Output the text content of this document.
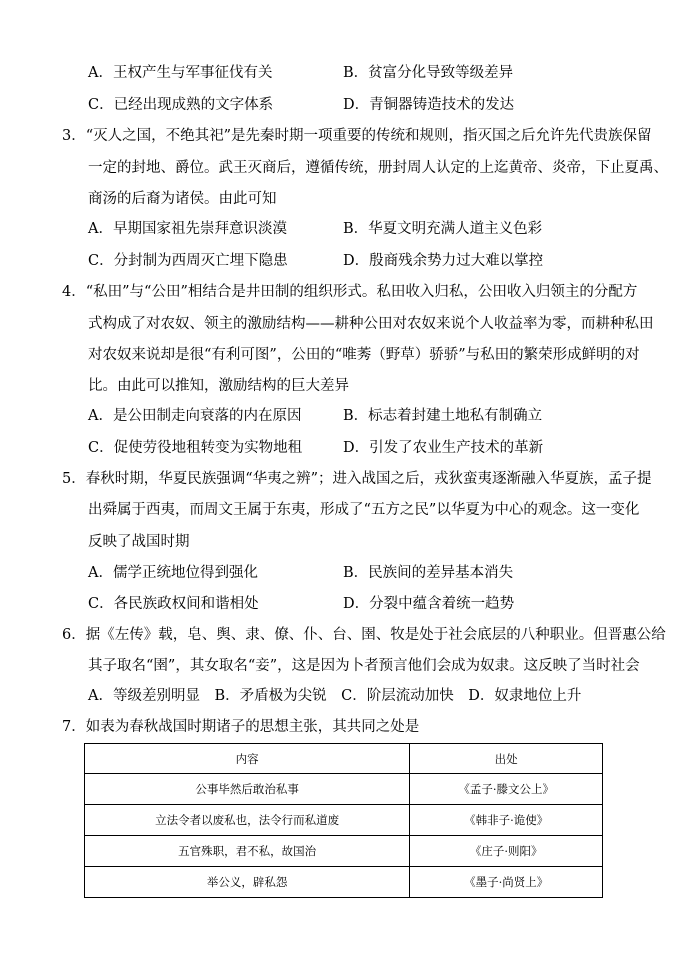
A．王权产生与军事征伐有关	B．贫富分化导致等级差异
C．已经出现成熟的文字体系	D．青铜器铸造技术的发达
3．“灭人之国，不绝其祀”是先秦时期一项重要的传统和规则，指灭国之后允许先代贵族保留
一定的封地、爵位。武王灭商后，遵循传统，册封周人认定的上迄黄帝、炎帝，下止夏禹、
商汤的后裔为诸侯。由此可知
A．早期国家祖先崇拜意识淡漠	B．华夏文明充满人道主义色彩
C．分封制为西周灭亡埋下隐患	D．殷商残余势力过大难以掌控
4．“私田”与“公田”相结合是井田制的组织形式。私田收入归私，公田收入归领主的分配方
式构成了对农奴、领主的激励结构——耕种公田对农奴来说个人收益率为零，而耕种私田
对农奴来说却是很“有利可图”，公田的“唯莠（野草）骄骄”与私田的繁荣形成鲜明的对
比。由此可以推知，激励结构的巨大差异
A．是公田制走向衰落的内在原因	B．标志着封建土地私有制确立
C．促使劳役地租转变为实物地租	D．引发了农业生产技术的革新
5．春秋时期，华夏民族强调“华夷之辨”；进入战国之后，戎狄蛮夷逐渐融入华夏族，孟子提
出舜属于西夷，而周文王属于东夷，形成了“五方之民”以华夏为中心的观念。这一变化
反映了战国时期
A．儒学正统地位得到强化	B．民族间的差异基本消失
C．各民族政权间和谐相处	D．分裂中蕴含着统一趋势
6．据《左传》载，皂、舆、隶、僚、仆、台、圉、牧是处于社会底层的八种职业。但晋惠公给
其子取名“圉”，其女取名“妾”，这是因为卜者预言他们会成为奴隶。这反映了当时社会
A．等级差别明显　B．矛盾极为尖锐　C．阶层流动加快　D．奴隶地位上升
7．如表为春秋战国时期诸子的思想主张，其共同之处是
内容	出处
公事毕然后敢治私事	《孟子·滕文公上》
立法令者以废私也，法令行而私道废	《韩非子·诡使》
五官殊职，君不私，故国治	《庄子·则阳》
举公义，辟私怨	《墨子·尚贤上》
